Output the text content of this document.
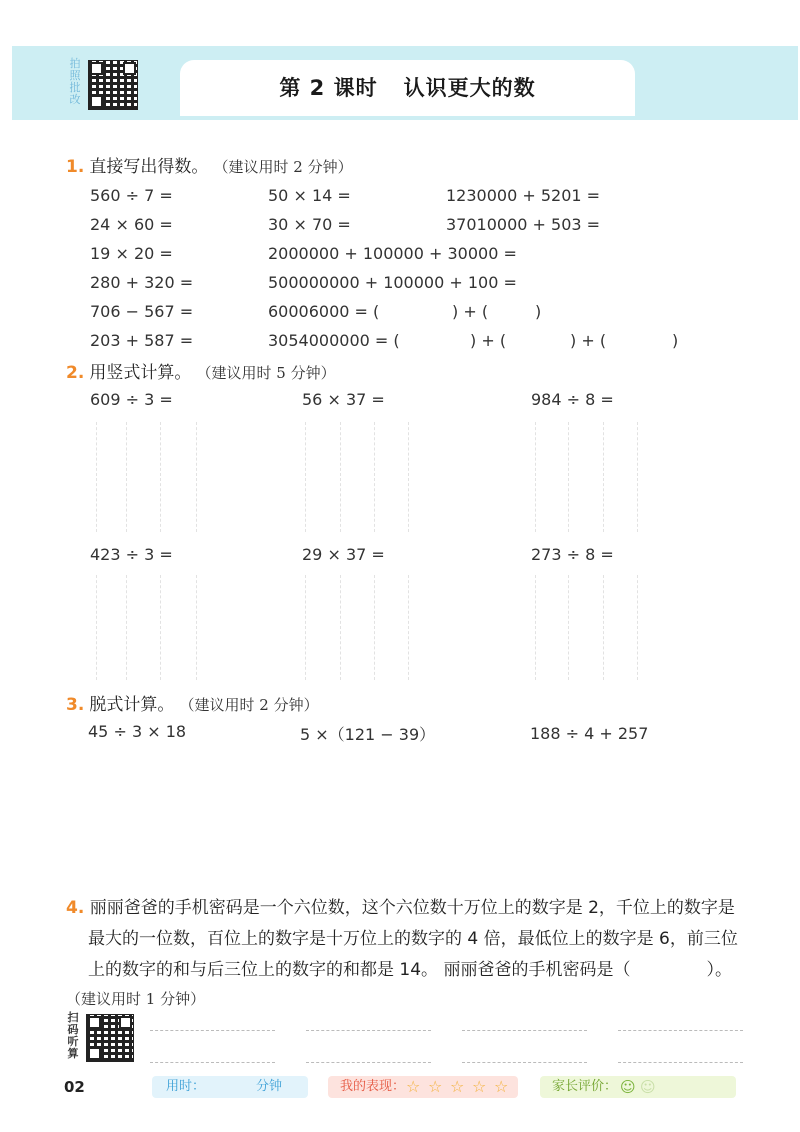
拍照批改	第 2 课时 认识更大的数
1. 直接写出得数。 （建议用时 2 分钟）
560 ÷ 7 =	50 × 14 =	1230000 + 5201 =
24 × 60 =	30 × 70 =	37010000 + 503 =
19 × 20 =	2000000 + 100000 + 30000 =
280 + 320 =	500000000 + 100000 + 100 =
706 − 567 =	60006000 = (	) + (	)
203 + 587 =	3054000000 = (	) + (	) + (	)
2. 用竖式计算。 （建议用时 5 分钟）
609 ÷ 3 =	56 × 37 =	984 ÷ 8 =
423 ÷ 3 =	29 × 37 =	273 ÷ 8 =
3. 脱式计算。 （建议用时 2 分钟）
45 ÷ 3 × 18	5 ×（121 − 39）	188 ÷ 4 + 257
4. 丽丽爸爸的手机密码是一个六位数，这个六位数十万位上的数字是 2，千位上的数字是
最大的一位数，百位上的数字是十万位上的数字的 4 倍，最低位上的数字是 6，前三位
上的数字的和与后三位上的数字的和都是 14。 丽丽爸爸的手机密码是（	）。
（建议用时 1 分钟）
扫码听算
02	用时：	分钟	我的表现： ☆ ☆ ☆ ☆ ☆	家长评价： ☺ ☺
